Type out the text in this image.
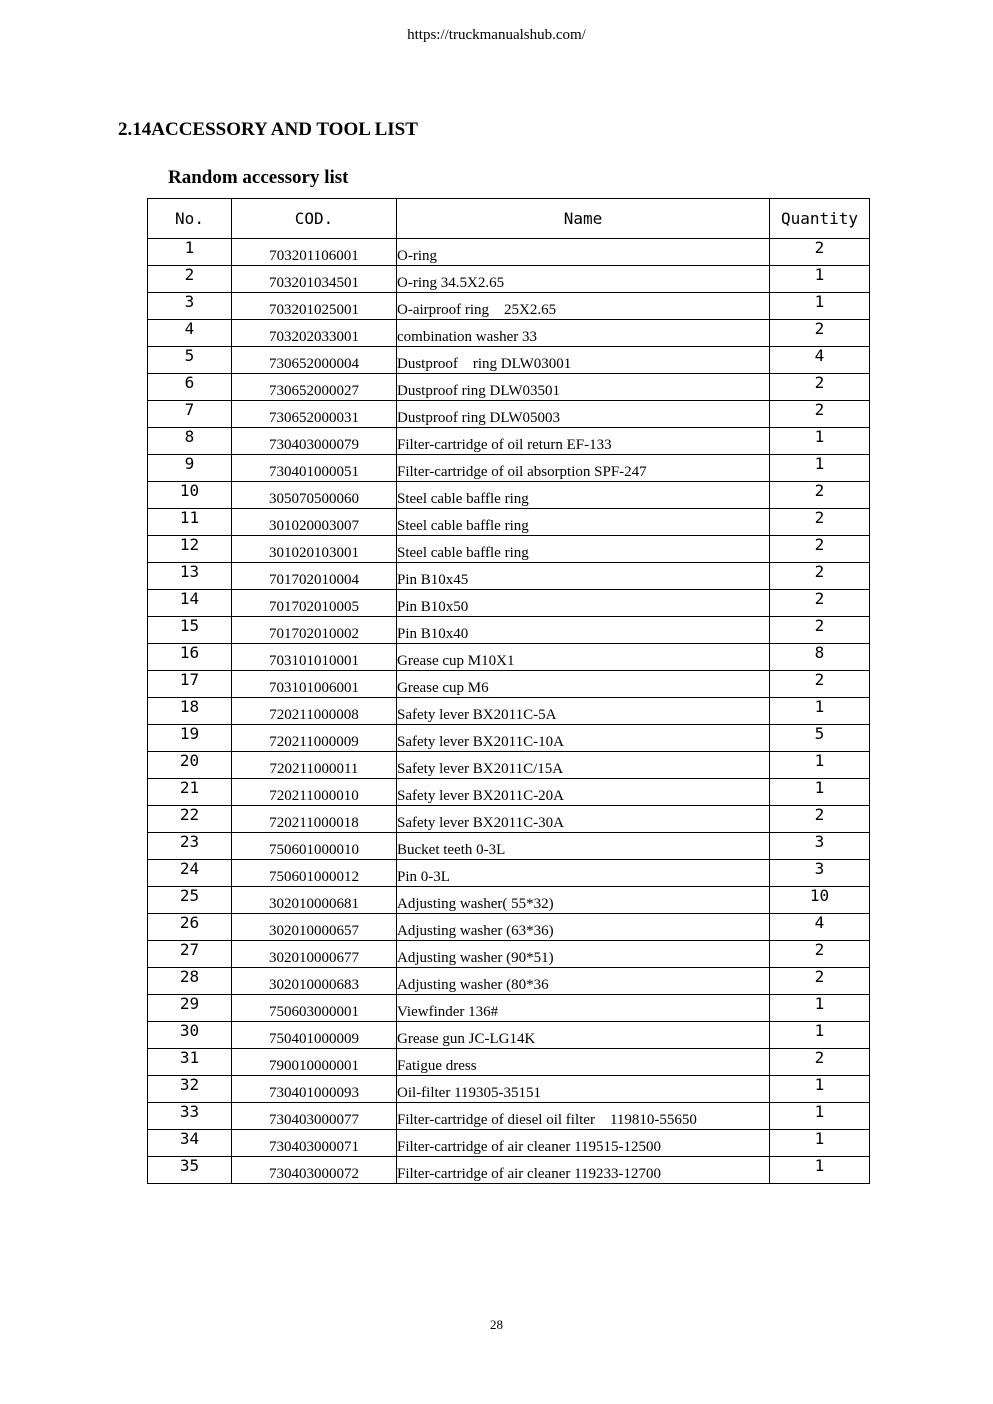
https://truckmanualshub.com/
2.14ACCESSORY AND TOOL LIST
Random accessory list
No.	COD.	Name	Quantity
1	703201106001	O-ring	2
2	703201034501	O-ring 34.5X2.65	1
3	703201025001	O-airproof ring    25X2.65	1
4	703202033001	combination washer 33	2
5	730652000004	Dustproof    ring DLW03001	4
6	730652000027	Dustproof ring DLW03501	2
7	730652000031	Dustproof ring DLW05003	2
8	730403000079	Filter-cartridge of oil return EF-133	1
9	730401000051	Filter-cartridge of oil absorption SPF-247	1
10	305070500060	Steel cable baffle ring	2
11	301020003007	Steel cable baffle ring	2
12	301020103001	Steel cable baffle ring	2
13	701702010004	Pin B10x45	2
14	701702010005	Pin B10x50	2
15	701702010002	Pin B10x40	2
16	703101010001	Grease cup M10X1	8
17	703101006001	Grease cup M6	2
18	720211000008	Safety lever BX2011C-5A	1
19	720211000009	Safety lever BX2011C-10A	5
20	720211000011	Safety lever BX2011C/15A	1
21	720211000010	Safety lever BX2011C-20A	1
22	720211000018	Safety lever BX2011C-30A	2
23	750601000010	Bucket teeth 0-3L	3
24	750601000012	Pin 0-3L	3
25	302010000681	Adjusting washer( 55*32)	10
26	302010000657	Adjusting washer (63*36)	4
27	302010000677	Adjusting washer (90*51)	2
28	302010000683	Adjusting washer (80*36	2
29	750603000001	Viewfinder 136#	1
30	750401000009	Grease gun JC-LG14K	1
31	790010000001	Fatigue dress	2
32	730401000093	Oil-filter 119305-35151	1
33	730403000077	Filter-cartridge of diesel oil filter    119810-55650	1
34	730403000071	Filter-cartridge of air cleaner 119515-12500	1
35	730403000072	Filter-cartridge of air cleaner 119233-12700	1
28
